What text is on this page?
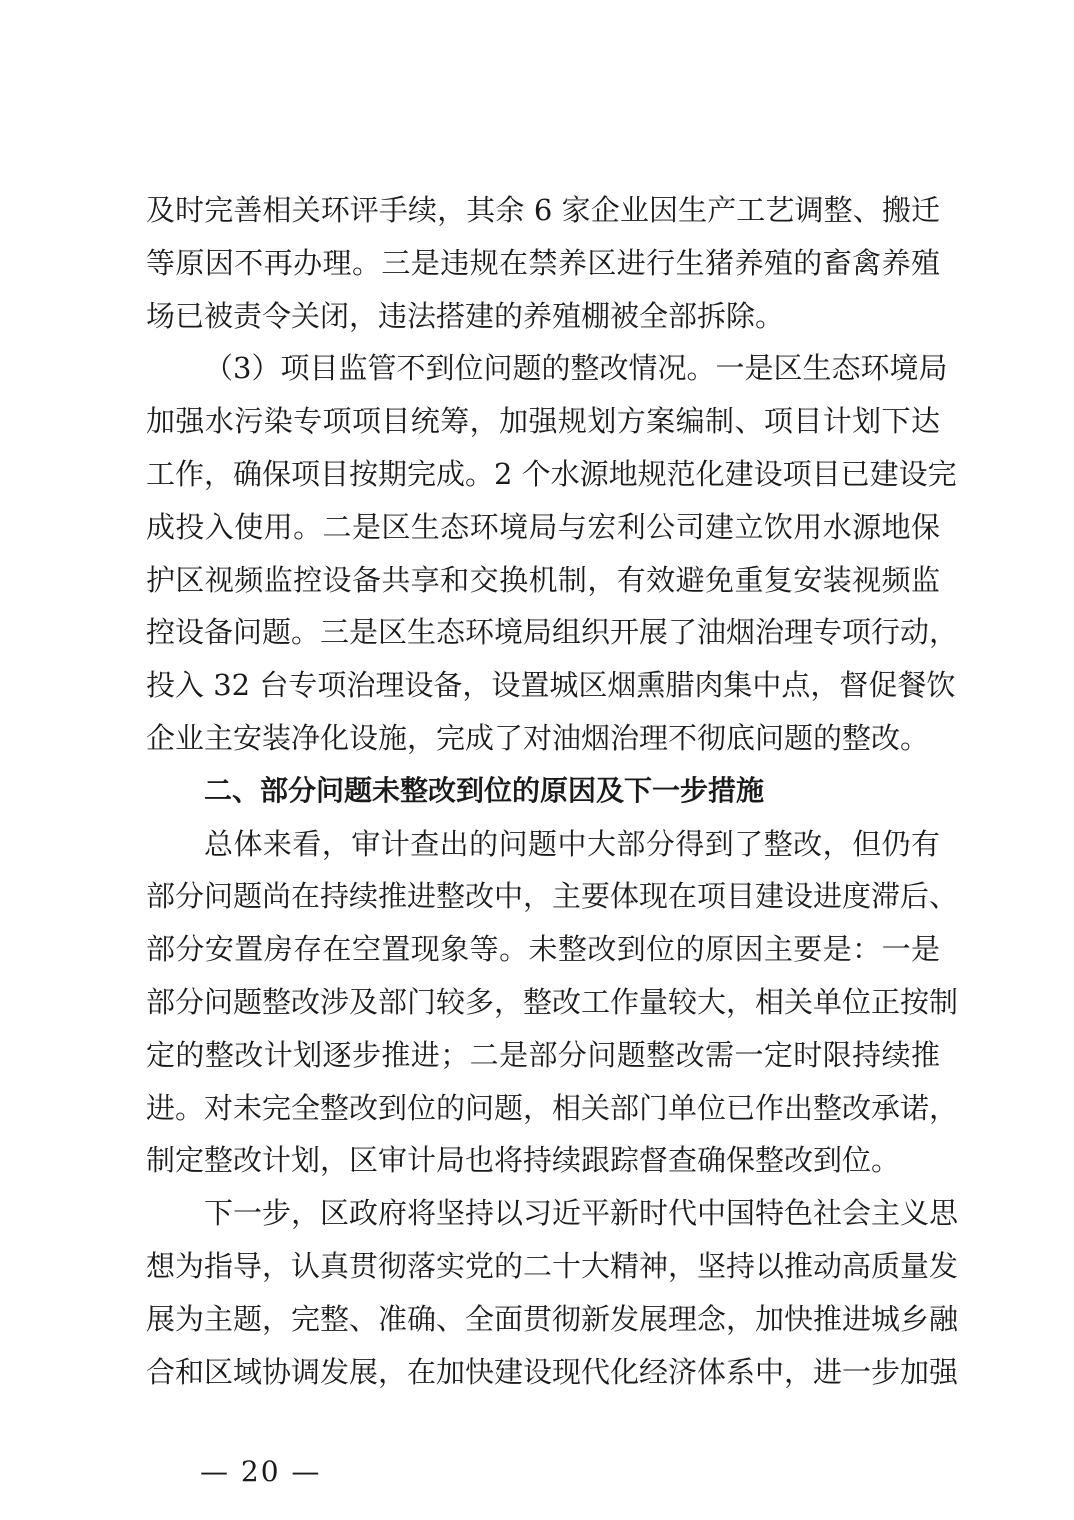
及时完善相关环评手续，其余 6 家企业因生产工艺调整、搬迁
等原因不再办理。三是违规在禁养区进行生猪养殖的畜禽养殖
场已被责令关闭，违法搭建的养殖棚被全部拆除。
（3）项目监管不到位问题的整改情况。一是区生态环境局
加强水污染专项项目统筹，加强规划方案编制、项目计划下达
工作，确保项目按期完成。2 个水源地规范化建设项目已建设完
成投入使用。二是区生态环境局与宏利公司建立饮用水源地保
护区视频监控设备共享和交换机制，有效避免重复安装视频监
控设备问题。三是区生态环境局组织开展了油烟治理专项行动，
投入 32 台专项治理设备，设置城区烟熏腊肉集中点，督促餐饮
企业主安装净化设施，完成了对油烟治理不彻底问题的整改。
二、部分问题未整改到位的原因及下一步措施
总体来看，审计查出的问题中大部分得到了整改，但仍有
部分问题尚在持续推进整改中，主要体现在项目建设进度滞后、
部分安置房存在空置现象等。未整改到位的原因主要是：一是
部分问题整改涉及部门较多，整改工作量较大，相关单位正按制
定的整改计划逐步推进；二是部分问题整改需一定时限持续推
进。对未完全整改到位的问题，相关部门单位已作出整改承诺，
制定整改计划，区审计局也将持续跟踪督查确保整改到位。
下一步，区政府将坚持以习近平新时代中国特色社会主义思
想为指导，认真贯彻落实党的二十大精神，坚持以推动高质量发
展为主题，完整、准确、全面贯彻新发展理念，加快推进城乡融
合和区域协调发展，在加快建设现代化经济体系中，进一步加强
— 20 —
